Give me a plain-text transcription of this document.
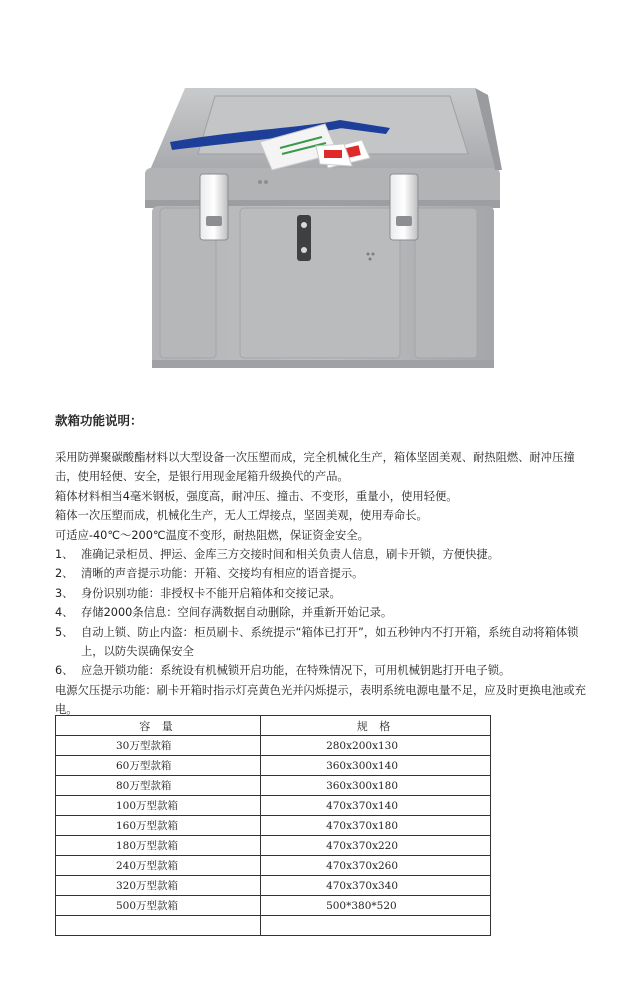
款箱功能说明：

采用防弹聚碳酸酯材料以大型设备一次压塑而成，完全机械化生产，箱体坚固美观、耐热阻燃、耐冲压撞击，使用轻便、安全，是银行用现金尾箱升级换代的产品。

箱体材料相当4毫米钢板，强度高，耐冲压、撞击、不变形，重量小，使用轻便。

箱体一次压塑而成，机械化生产，无人工焊接点，坚固美观，使用寿命长。

可适应-40℃～200℃温度不变形，耐热阻燃，保证资金安全。

1、 准确记录柜员、押运、金库三方交接时间和相关负责人信息，刷卡开锁，方便快捷。
2、 清晰的声音提示功能：开箱、交接均有相应的语音提示。
3、 身份识别功能：非授权卡不能开启箱体和交接记录。
4、 存储2000条信息：空间存满数据自动删除，并重新开始记录。
5、 自动上锁、防止内盗：柜员刷卡、系统提示“箱体已打开”，如五秒钟内不打开箱，系统自动将箱体锁上，以防失误确保安全
6、 应急开锁功能：系统设有机械锁开启功能，在特殊情况下，可用机械钥匙打开电子锁。

电源欠压提示功能：刷卡开箱时指示灯亮黄色光并闪烁提示，表明系统电源电量不足，应及时更换电池或充电。

容 量	规 格
30万型款箱	280x200x130
60万型款箱	360x300x140
80万型款箱	360x300x180
100万型款箱	470x370x140
160万型款箱	470x370x180
180万型款箱	470x370x220
240万型款箱	470x370x260
320万型款箱	470x370x340
500万型款箱	500*380*520
